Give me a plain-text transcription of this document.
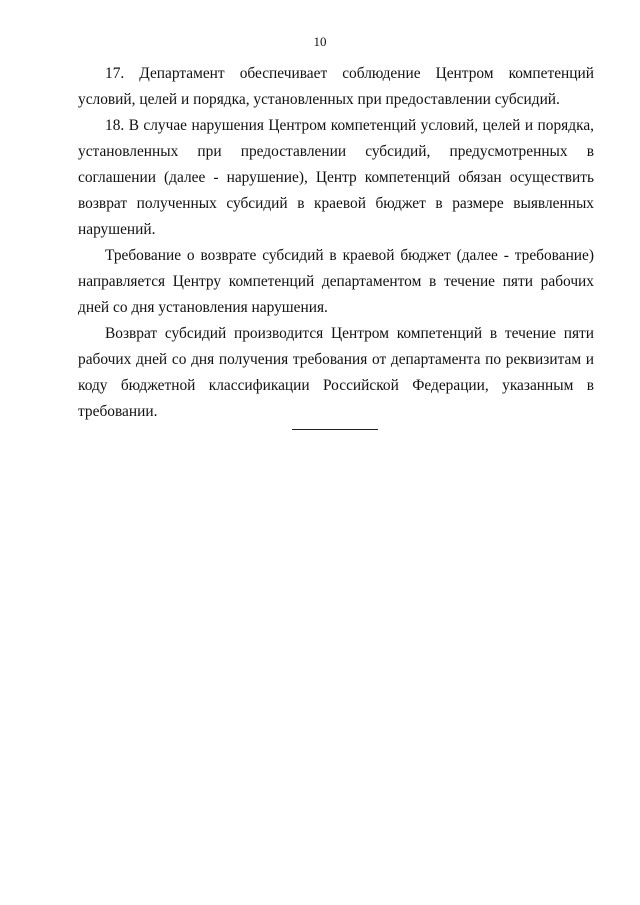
10

17. Департамент обеспечивает соблюдение Центром компетенций условий, целей и порядка, установленных при предоставлении субсидий.

18. В случае нарушения Центром компетенций условий, целей и порядка, установленных при предоставлении субсидий, предусмотренных в соглашении (далее - нарушение), Центр компетенций обязан осуществить возврат полученных субсидий в краевой бюджет в размере выявленных нарушений.

Требование о возврате субсидий в краевой бюджет (далее - требование) направляется Центру компетенций департаментом в течение пяти рабочих дней со дня установления нарушения.

Возврат субсидий производится Центром компетенций в течение пяти рабочих дней со дня получения требования от департамента по реквизитам и коду бюджетной классификации Российской Федерации, указанным в требовании.
